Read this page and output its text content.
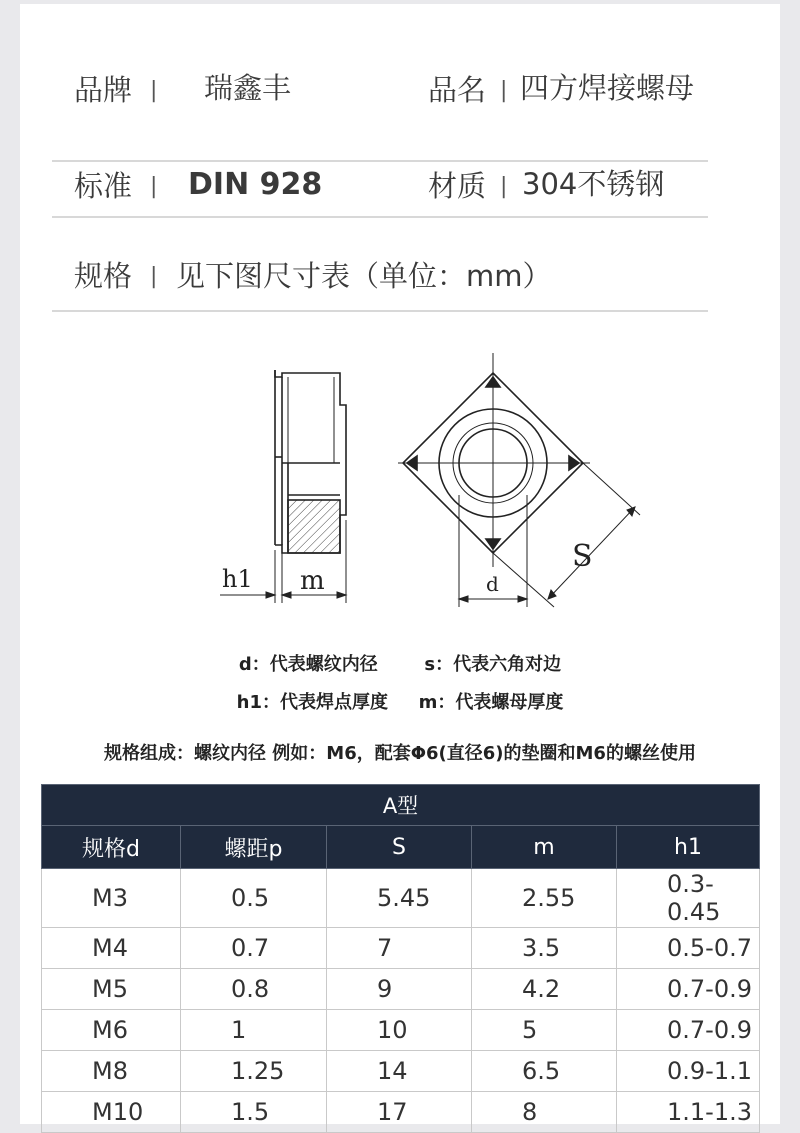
品牌 | 瑞鑫丰	品名 | 四方焊接螺母
标准 | DIN 928	材质 | 304不锈钢
规格 | 见下图尺寸表（单位：mm）
h1 m	d
S
d：代表螺纹内径	s：代表六角对边
h1：代表焊点厚度 m：代表螺母厚度
规格组成：螺纹内径 例如：M6，配套Φ6(直径6)的垫圈和M6的螺丝使用
A型				
规格d	螺距p	S	m	h1
M3	0.5	5.45	2.55	0.3-0.45
M4	0.7	7	3.5	0.5-0.7
M5	0.8	9	4.2	0.7-0.9
M6	1	10	5	0.7-0.9
M8	1.25	14	6.5	0.9-1.1
M10	1.5	17	8	1.1-1.3
